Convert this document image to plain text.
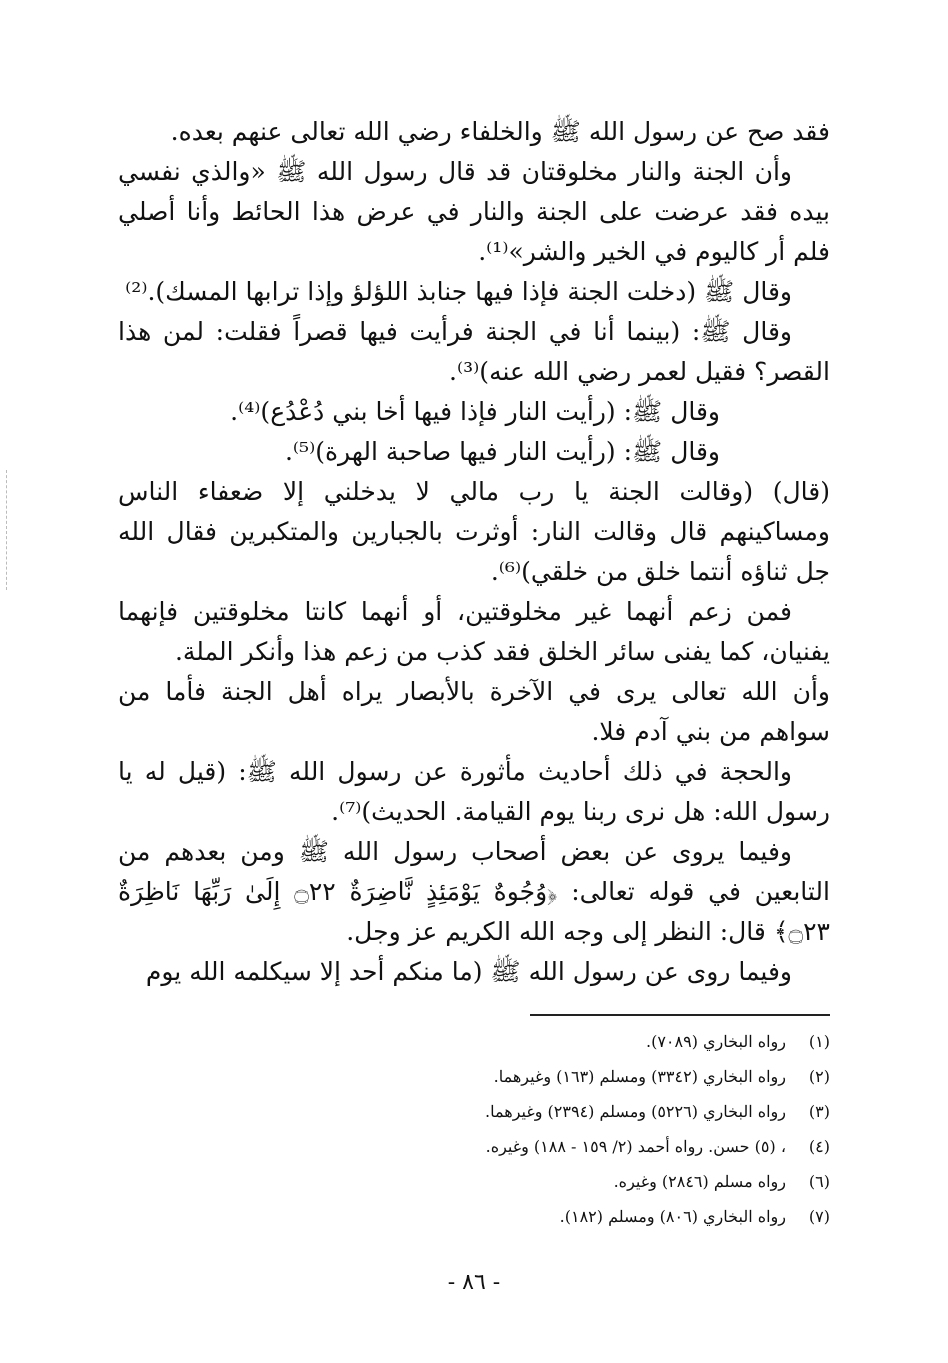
فقد صح عن رسول الله ﷺ والخلفاء رضي الله تعالى عنهم بعده.

وأن الجنة والنار مخلوقتان قد قال رسول الله ﷺ «والذي نفسي بيده فقد عرضت على الجنة والنار في عرض هذا الحائط وأنا أصلي فلم أر كاليوم في الخير والشر»⁽¹⁾.

وقال ﷺ (دخلت الجنة فإذا فيها جنابذ اللؤلؤ وإذا ترابها المسك).⁽²⁾

وقال ﷺ: (بينما أنا في الجنة فرأيت فيها قصراً فقلت: لمن هذا القصر؟ فقيل لعمر رضي الله عنه)⁽³⁾.

وقال ﷺ: (رأيت النار فإذا فيها أخا بني دُعْدُع)⁽⁴⁾.

وقال ﷺ: (رأيت النار فيها صاحبة الهرة)⁽⁵⁾.

(قال) (وقالت الجنة يا رب مالي لا يدخلني إلا ضعفاء الناس ومساكينهم قال وقالت النار: أوثرت بالجبارين والمتكبرين فقال الله جل ثناؤه أنتما خلق من خلقي)⁽⁶⁾.

فمن زعم أنهما غير مخلوقتين، أو أنهما كانتا مخلوقتين فإنهما يفنيان، كما يفنى سائر الخلق فقد كذب من زعم هذا وأنكر الملة.

وأن الله تعالى يرى في الآخرة بالأبصار يراه أهل الجنة فأما من سواهم من بني آدم فلا.

والحجة في ذلك أحاديث مأثورة عن رسول الله ﷺ: (قيل له يا رسول الله: هل نرى ربنا يوم القيامة. الحديث)⁽⁷⁾.

وفيما يروى عن بعض أصحاب رسول الله ﷺ ومن بعدهم من التابعين في قوله تعالى: ﴿وُجُوهٌ يَوْمَئِذٍ نَّاضِرَةٌ ۝٢٢ إِلَىٰ رَبِّهَا نَاظِرَةٌ ۝٢٣﴾ قال: النظر إلى وجه الله الكريم عز وجل.

وفيما روى عن رسول الله ﷺ (ما منكم أحد إلا سيكلمه الله يوم

(١)
رواه البخاري (٧٠٨٩).
(٢)
رواه البخاري (٣٣٤٢) ومسلم (١٦٣) وغيرهما.
(٣)
رواه البخاري (٥٢٢٦) ومسلم (٢٣٩٤) وغيرهما.
(٤)
، (٥) حسن. رواه أحمد (٢/ ١٥٩ - ١٨٨) وغيره.
(٦)
رواه مسلم (٢٨٤٦) وغيره.
(٧)
رواه البخاري (٨٠٦) ومسلم (١٨٢).
- ٨٦ -
